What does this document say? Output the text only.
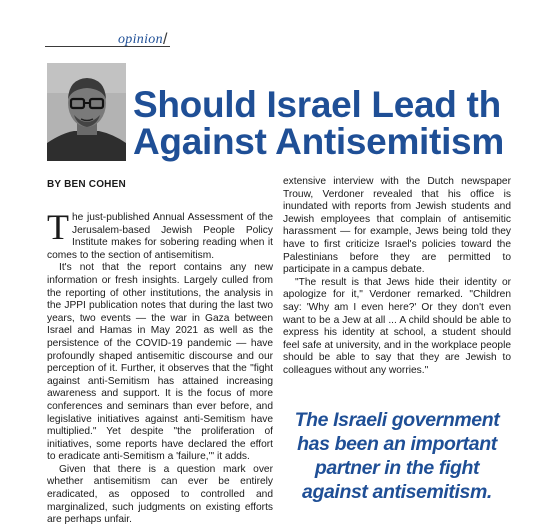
opinion /
Should Israel Lead th
Against Antisemitism
BY BEN COHEN

The just-published Annual Assessment of the Jerusalem-based Jewish People Policy Institute makes for sobering reading when it comes to the section of antisemitism.

It's not that the report contains any new information or fresh insights. Largely culled from the reporting of other institutions, the analysis in the JPPI publication notes that during the last two years, two events — the war in Gaza between Israel and Hamas in May 2021 as well as the persistence of the COVID-19 pandemic — have profoundly shaped antisemitic discourse and our perception of it. Further, it observes that the "fight against anti-Semitism has attained increasing awareness and support. It is the focus of more conferences and seminars than ever before, and legislative initiatives against anti-Semitism have multiplied." Yet despite "the proliferation of initiatives, some reports have declared the effort to eradicate anti-Semitism a 'failure,'" it adds.

Given that there is a question mark over whether antisemitism can ever be entirely eradicated, as opposed to controlled and marginalized, such judgments on existing efforts are perhaps unfair.

extensive interview with the Dutch newspaper Trouw, Verdoner revealed that his office is inundated with reports from Jewish students and Jewish employees that complain of antisemitic harassment — for example, Jews being told they have to first criticize Israel's policies toward the Palestinians before they are permitted to participate in a campus debate.

"The result is that Jews hide their identity or apologize for it," Verdoner remarked. "Children say: 'Why am I even here?' Or they don't even want to be a Jew at all ... A child should be able to express his identity at school, a student should feel safe at university, and in the workplace people should be able to say that they are Jewish to colleagues without any worries."

The Israeli government has been an important partner in the fight against antisemitism.
